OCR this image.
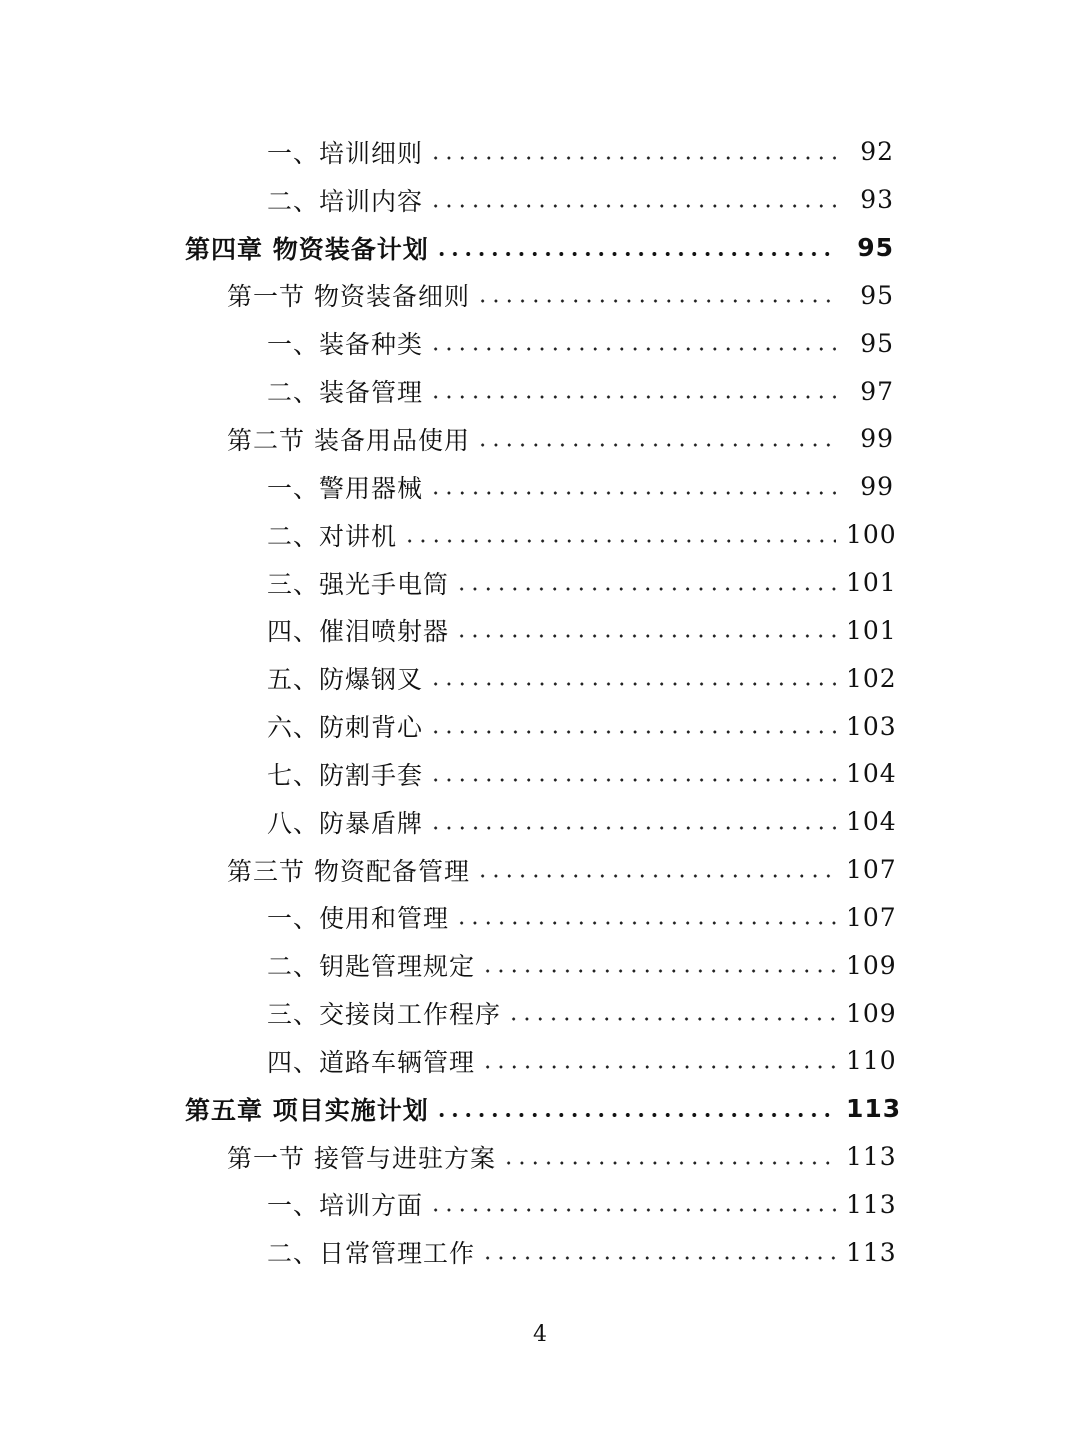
一、培训细则	92
二、培训内容	93
第四章 物资装备计划	95
第一节 物资装备细则	95
一、装备种类	95
二、装备管理	97
第二节 装备用品使用	99
一、警用器械	99
二、对讲机	100
三、强光手电筒	101
四、催泪喷射器	101
五、防爆钢叉	102
六、防刺背心	103
七、防割手套	104
八、防暴盾牌	104
第三节 物资配备管理	107
一、使用和管理	107
二、钥匙管理规定	109
三、交接岗工作程序	109
四、道路车辆管理	110
第五章 项目实施计划	113
第一节 接管与进驻方案	113
一、培训方面	113
二、日常管理工作	113
4
